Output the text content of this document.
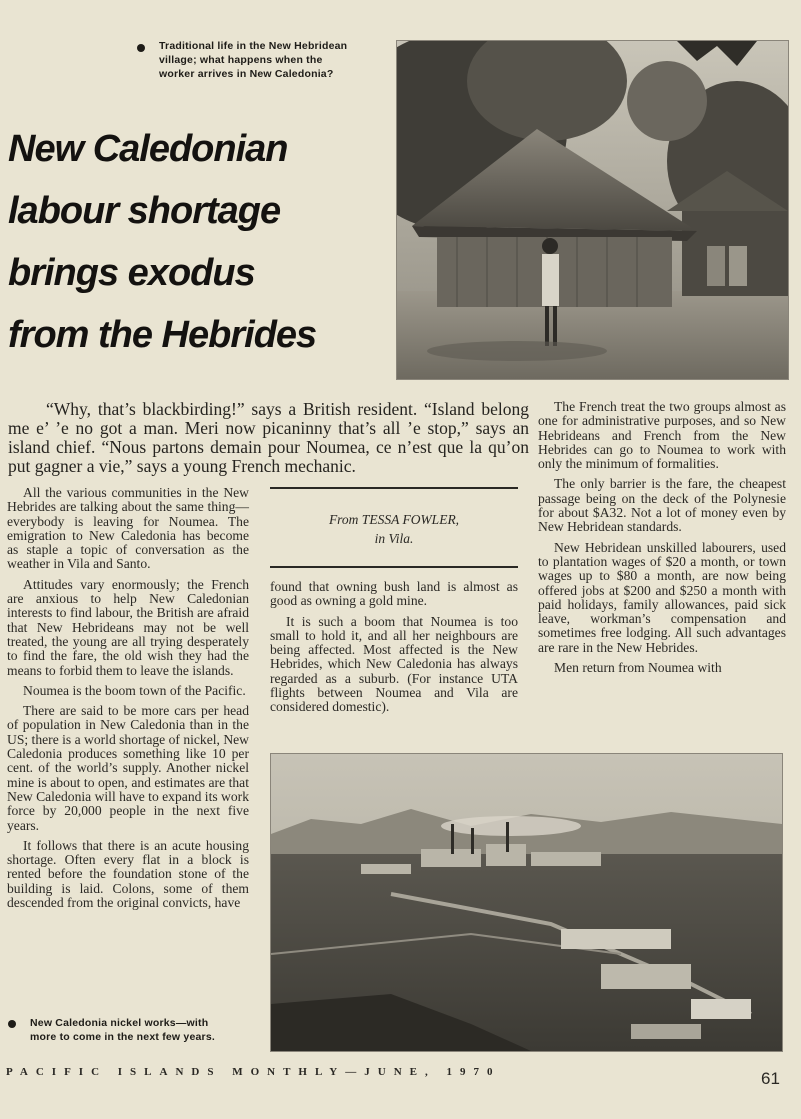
Traditional life in the New Hebridean
village; what happens when the
worker arrives in New Caledonia?
New Caledonian
labour shortage
brings exodus
from the Hebrides
“Why, that’s blackbirding!” says a British resident. “Island belong me e’ ’e no got a man. Meri now picaninny that’s all ’e stop,” says an island chief. “Nous partons demain pour Noumea, ce n’est que la qu’on put gagner a vie,” says a young French mechanic.

All the various communities in the New Hebrides are talking about the same thing—everybody is leaving for Noumea. The emigration to New Caledonia has become as staple a topic of conversation as the weather in Vila and Santo.

Attitudes vary enormously; the French are anxious to help New Caledonian interests to find labour, the British are afraid that New Hebrideans may not be well treated, the young are all trying desperately to find the fare, the old wish they had the means to forbid them to leave the islands.

Noumea is the boom town of the Pacific.

There are said to be more cars per head of population in New Caledonia than in the US; there is a world shortage of nickel, New Caledonia produces something like 10 per cent. of the world’s supply. Another nickel mine is about to open, and estimates are that New Caledonia will have to expand its work force by 20,000 people in the next five years.

It follows that there is an acute housing shortage. Often every flat in a block is rented before the foundation stone of the building is laid. Colons, some of them descended from the original convicts, have

From TESSA FOWLER,
in Vila.

found that owning bush land is almost as good as owning a gold mine.

It is such a boom that Noumea is too small to hold it, and all her neighbours are being affected. Most affected is the New Hebrides, which New Caledonia has always regarded as a suburb. (For instance UTA flights between Noumea and Vila are considered domestic).

The French treat the two groups almost as one for administrative purposes, and so New Hebrideans and French from the New Hebrides can go to Noumea to work with only the minimum of formalities.

The only barrier is the fare, the cheapest passage being on the deck of the Polynesie for about $A32. Not a lot of money even by New Hebridean standards.

New Hebridean unskilled labourers, used to plantation wages of $20 a month, or town wages up to $80 a month, are now being offered jobs at $200 and $250 a month with paid holidays, family allowances, paid sick leave, workman’s compensation and sometimes free lodging. All such advantages are rare in the New Hebrides.

Men return from Noumea with

New Caledonia nickel works—with
more to come in the next few years.
PACIFIC ISLANDS MONTHLY—JUNE, 1970	61
